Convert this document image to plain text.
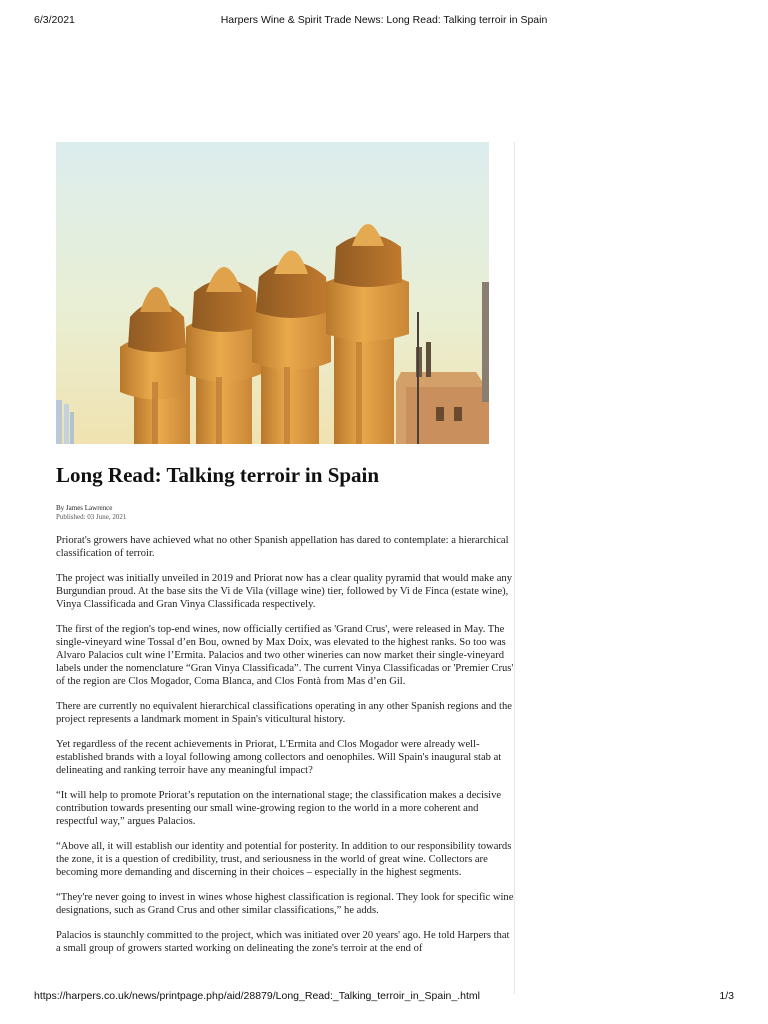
6/3/2021	Harpers Wine & Spirit Trade News: Long Read: Talking terroir in Spain
Long Read: Talking terroir in Spain
By James Lawrence
Published: 03 June, 2021

Priorat's growers have achieved what no other Spanish appellation has dared to contemplate: a hierarchical classification of terroir.

The project was initially unveiled in 2019 and Priorat now has a clear quality pyramid that would make any Burgundian proud. At the base sits the Vi de Vila (village wine) tier, followed by Vi de Finca (estate wine), Vinya Classificada and Gran Vinya Classificada respectively.

The first of the region's top-end wines, now officially certified as 'Grand Crus', were released in May. The single-vineyard wine Tossal d’en Bou, owned by Max Doix, was elevated to the highest ranks. So too was Alvaro Palacios cult wine l’Ermita. Palacios and two other wineries can now market their single-vineyard labels under the nomenclature “Gran Vinya Classificada”. The current Vinya Classificadas or 'Premier Crus' of the region are Clos Mogador, Coma Blanca, and Clos Fontà from Mas d’en Gil.

There are currently no equivalent hierarchical classifications operating in any other Spanish regions and the project represents a landmark moment in Spain's viticultural history.

Yet regardless of the recent achievements in Priorat, L'Ermita and Clos Mogador were already well-established brands with a loyal following among collectors and oenophiles. Will Spain's inaugural stab at delineating and ranking terroir have any meaningful impact?

“It will help to promote Priorat’s reputation on the international stage; the classification makes a decisive contribution towards presenting our small wine-growing region to the world in a more coherent and respectful way,” argues Palacios.

“Above all, it will establish our identity and potential for posterity. In addition to our responsibility towards the zone, it is a question of credibility, trust, and seriousness in the world of great wine. Collectors are becoming more demanding and discerning in their choices – especially in the highest segments.

“They're never going to invest in wines whose highest classification is regional. They look for specific wine designations, such as Grand Crus and other similar classifications,” he adds.

Palacios is staunchly committed to the project, which was initiated over 20 years' ago. He told Harpers that a small group of growers started working on delineating the zone's terroir at the end of

https://harpers.co.uk/news/printpage.php/aid/28879/Long_Read:_Talking_terroir_in_Spain_.html	1/3
